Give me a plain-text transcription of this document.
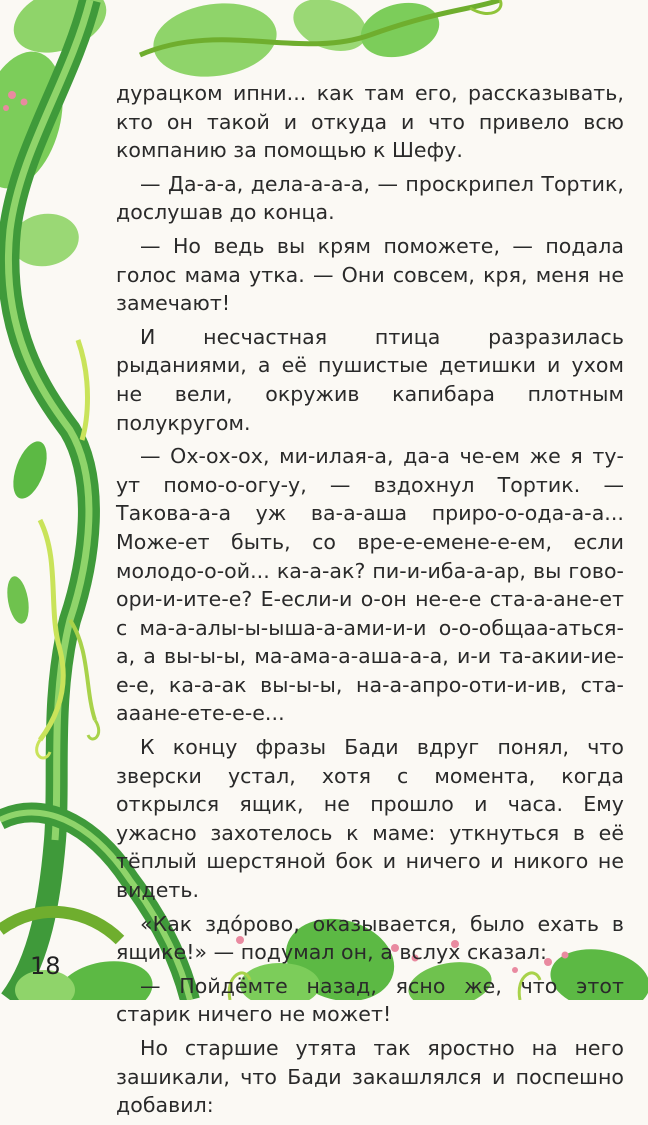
дурацком ипни... как там его, рассказывать, кто он такой и откуда и что привело всю компанию за помощью к Шефу.

— Да-а-а, дела-а-а-а, — проскрипел Тортик, дослушав до конца.

— Но ведь вы крям поможете, — подала голос мама утка. — Они совсем, кря, меня не замечают!

И несчастная птица разразилась рыданиями, а её пушистые детишки и ухом не вели, окружив капибара плотным полукругом.

— Ох-ох-ох, ми-илая-а, да-а че-ем же я ту-ут помо-о-огу-у, — вздохнул Тортик. — Такова-а-а уж ва-а-аша приро-о-ода-а-а... Може-ет быть, со вре-е-емене-е-ем, если молодо-о-ой... ка-а-ак? пи-и-иба-а-ар, вы гово-ори-и-ите-е? Е-если-и о-он не-е-е ста-а-ане-ет с ма-а-алы-ы-ыша-а-ами-и-и о-о-общаа-аться-а, а вы-ы-ы, ма-ама-а-аша-а-а, и-и та-акии-ие-е-е, ка-а-ак вы-ы-ы, на-а-апро-оти-и-ив, ста-ааане-ете-е-е...

К концу фразы Бади вдруг понял, что зверски устал, хотя с момента, когда открылся ящик, не прошло и часа. Ему ужасно захотелось к маме: уткнуться в её тёплый шерстяной бок и ничего и никого не видеть.

«Как здо́рово, оказывается, было ехать в ящике!» — подумал он, а вслух сказал:

— Пойдёмте назад, ясно же, что этот старик ничего не может!

Но старшие утята так яростно на него зашикали, что Бади закашлялся и поспешно добавил:

18
